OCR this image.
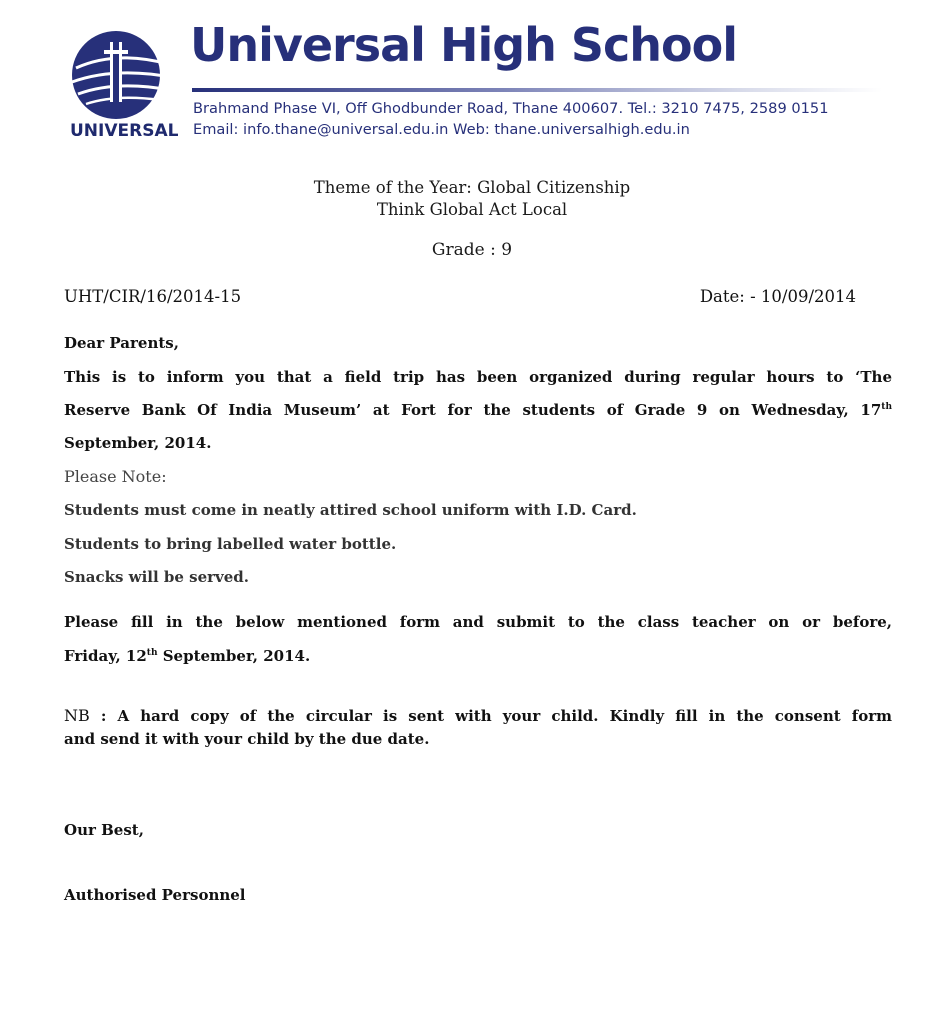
UNIVERSAL
Universal High School
Brahmand Phase VI, Off Ghodbunder Road, Thane 400607. Tel.: 3210 7475, 2589 0151
Email: info.thane@universal.edu.in Web: thane.universalhigh.edu.in
Theme of the Year: Global Citizenship
Think Global Act Local
Grade : 9
UHT/CIR/16/2014-15	Date: - 10/09/2014
Dear Parents,
This is to inform you that a field trip has been organized during regular hours to ‘The
Reserve Bank Of India Museum’ at Fort for the students of Grade 9 on Wednesday, 17th
September, 2014.
Please Note:
Students must come in neatly attired school uniform with I.D. Card.
Students to bring labelled water bottle.
Snacks will be served.
Please fill in the below mentioned form and submit to the class teacher on or before,
Friday, 12th September, 2014.
NB : A hard copy of the circular is sent with your child. Kindly fill in the consent form
and send it with your child by the due date.
Our Best,
Authorised Personnel
